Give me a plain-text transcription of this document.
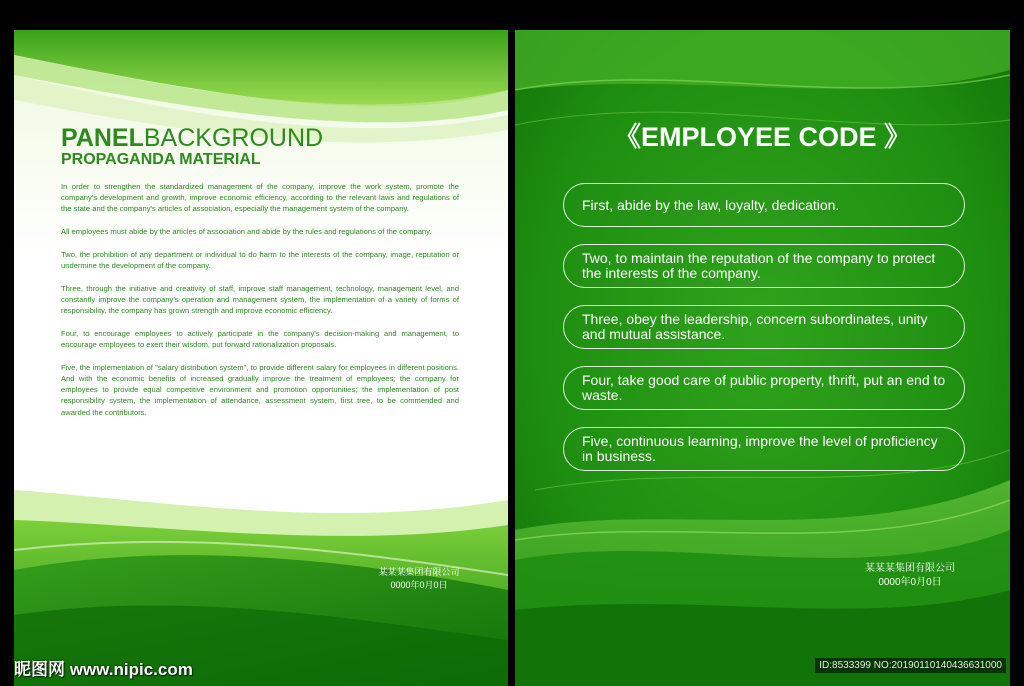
PANELBACKGROUND
PROPAGANDA MATERIAL

In order to strengthen the standardized management of the company, improve the work system, promote the company's development and growth, improve economic efficiency, according to the relevant laws and regulations of the state and the company's articles of association, especially the management system of the company.

All employees must abide by the articles of association and abide by the rules and regulations of the company.

Two, the prohibition of any department or individual to do harm to the interests of the company, image, reputation or undermine the development of the company.

Three, through the initiative and creativity of staff, improve staff management, technology, management level, and constantly improve the company's operation and management system, the implementation of a variety of forms of responsibility, the company has grown strength and improve economic efficiency.

Four, to encourage employees to actively participate in the company's decision-making and management, to encourage employees to exert their wisdom, put forward rationalization proposals.

Five, the implementation of "salary distribution system", to provide different salary for employees in different positions. And with the economic benefits of increased gradually improve the treatment of employees; the company for employees to provide equal competitive environment and promotion opportunities; the implementation of post responsibility system, the implementation of attendance, assessment system, first tree, to be commended and awarded the contributors.

某某某集团有限公司
0000年0月0日
《EMPLOYEE CODE 》
First, abide by the law, loyalty, dedication.
Two, to maintain the reputation of the company to protect the interests of the company.
Three, obey the leadership, concern subordinates, unity and mutual assistance.
Four, take good care of public property, thrift, put an end to waste.
Five, continuous learning, improve the level of proficiency in business.
某某某集团有限公司
0000年0月0日
昵图网 www.nipic.com	ID:8533399 NO:20190110140436631000
